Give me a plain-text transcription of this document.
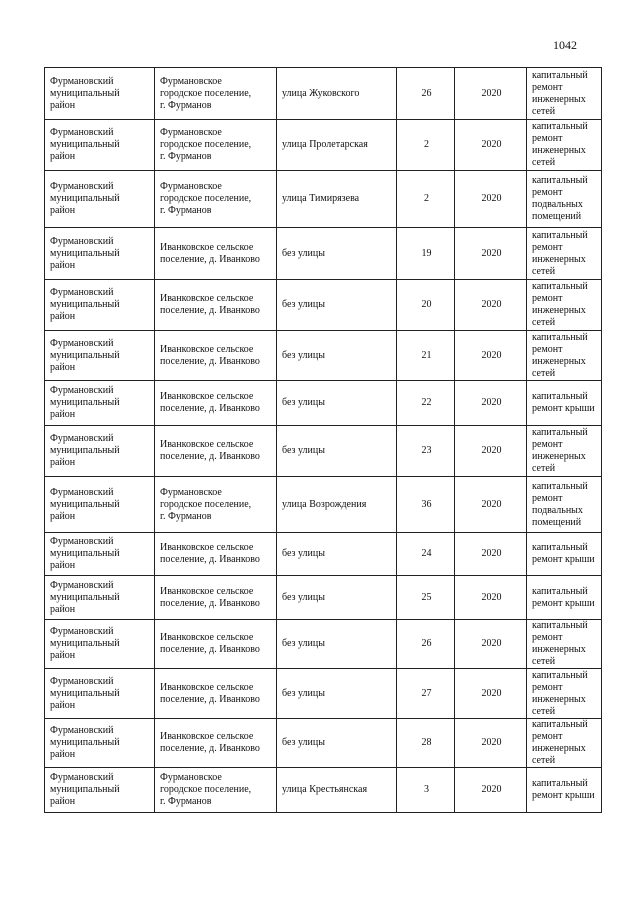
1042
Фурмановский
муниципальный
район	Фурмановское
городское поселение,
г. Фурманов	улица Жуковского	26	2020	капитальный
ремонт
инженерных
сетей

Фурмановский
муниципальный
район	Фурмановское
городское поселение,
г. Фурманов	улица Пролетарская	2	2020	капитальный
ремонт
инженерных
сетей

Фурмановский
муниципальный
район	Фурмановское
городское поселение,
г. Фурманов	улица Тимирязева	2	2020	капитальный
ремонт
подвальных
помещений

Фурмановский
муниципальный
район	Иванковское сельское
поселение, д. Иванково	без улицы	19	2020	капитальный
ремонт
инженерных
сетей

Фурмановский
муниципальный
район	Иванковское сельское
поселение, д. Иванково	без улицы	20	2020	капитальный
ремонт
инженерных
сетей

Фурмановский
муниципальный
район	Иванковское сельское
поселение, д. Иванково	без улицы	21	2020	капитальный
ремонт
инженерных
сетей

Фурмановский
муниципальный
район	Иванковское сельское
поселение, д. Иванково	без улицы	22	2020	капитальный
ремонт крыши

Фурмановский
муниципальный
район	Иванковское сельское
поселение, д. Иванково	без улицы	23	2020	капитальный
ремонт
инженерных
сетей

Фурмановский
муниципальный
район	Фурмановское
городское поселение,
г. Фурманов	улица Возрождения	36	2020	капитальный
ремонт
подвальных
помещений

Фурмановский
муниципальный
район	Иванковское сельское
поселение, д. Иванково	без улицы	24	2020	капитальный
ремонт крыши

Фурмановский
муниципальный
район	Иванковское сельское
поселение, д. Иванково	без улицы	25	2020	капитальный
ремонт крыши

Фурмановский
муниципальный
район	Иванковское сельское
поселение, д. Иванково	без улицы	26	2020	капитальный
ремонт
инженерных
сетей

Фурмановский
муниципальный
район	Иванковское сельское
поселение, д. Иванково	без улицы	27	2020	капитальный
ремонт
инженерных
сетей

Фурмановский
муниципальный
район	Иванковское сельское
поселение, д. Иванково	без улицы	28	2020	капитальный
ремонт
инженерных
сетей

Фурмановский
муниципальный
район	Фурмановское
городское поселение,
г. Фурманов	улица Крестьянская	3	2020	капитальный
ремонт крыши
